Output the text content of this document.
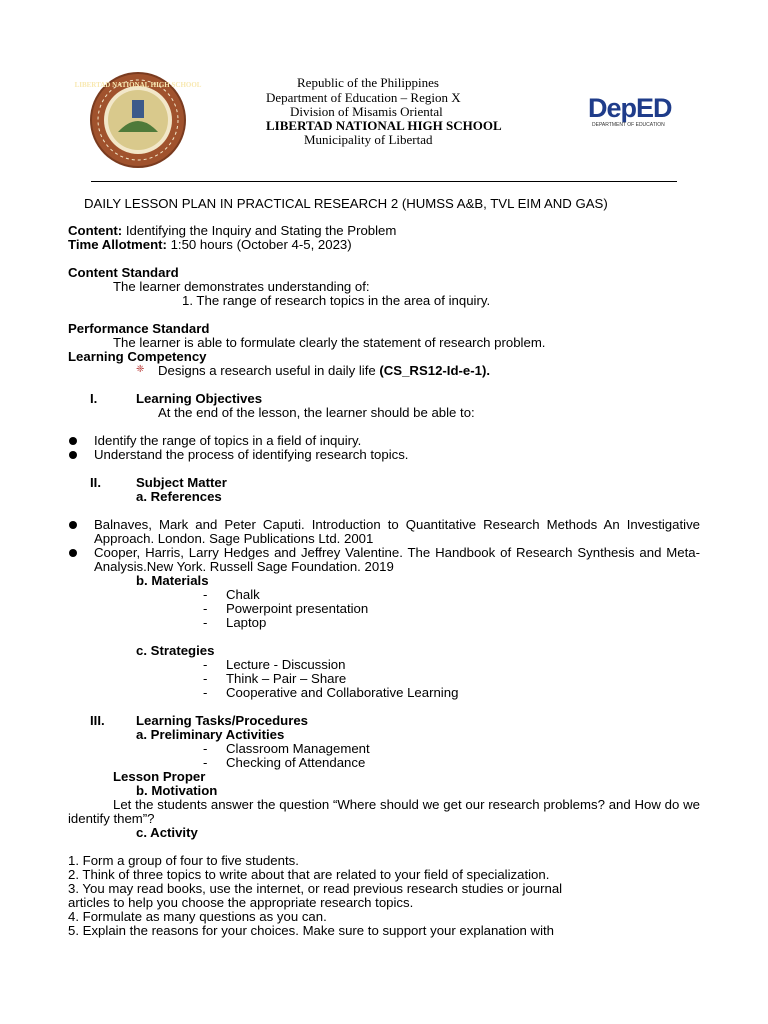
LIBERTAD NATIONAL HIGH SCHOOL	Republic of the Philippines
Department of Education – Region X
Division of Misamis Oriental
LIBERTAD NATIONAL HIGH SCHOOL
Municipality of Libertad
DepED
DEPARTMENT OF EDUCATION
DAILY LESSON PLAN IN PRACTICAL RESEARCH 2 (HUMSS A&B, TVL EIM AND GAS)
Content: Identifying the Inquiry and Stating the Problem
Time Allotment: 1:50 hours (October 4-5, 2023)
Content Standard
The learner demonstrates understanding of:
1. The range of research topics in the area of inquiry.
Performance Standard
The learner is able to formulate clearly the statement of research problem.
Learning Competency
❈ Designs a research useful in daily life (CS_RS12-Id-e-1).
I.	Learning Objectives
At the end of the lesson, the learner should be able to:
Identify the range of topics in a field of inquiry.
Understand the process of identifying research topics.
II.	Subject Matter
a. References
Balnaves, Mark and Peter Caputi. Introduction to Quantitative Research Methods An Investigative Approach. London. Sage Publications Ltd. 2001
Cooper, Harris, Larry Hedges and Jeffrey Valentine. The Handbook of Research Synthesis and Meta-Analysis.New York. Russell Sage Foundation. 2019
b. Materials
- Chalk
- Powerpoint presentation
- Laptop
c. Strategies
- Lecture - Discussion
- Think – Pair – Share
- Cooperative and Collaborative Learning
III. Learning Tasks/Procedures
a. Preliminary Activities
- Classroom Management
- Checking of Attendance
Lesson Proper
b. Motivation
Let the students answer the question “Where should we get our research problems? and How do we identify them”?
c. Activity
1. Form a group of four to five students.
2. Think of three topics to write about that are related to your field of specialization.
3. You may read books, use the internet, or read previous research studies or journal
articles to help you choose the appropriate research topics.
4. Formulate as many questions as you can.
5. Explain the reasons for your choices. Make sure to support your explanation with
